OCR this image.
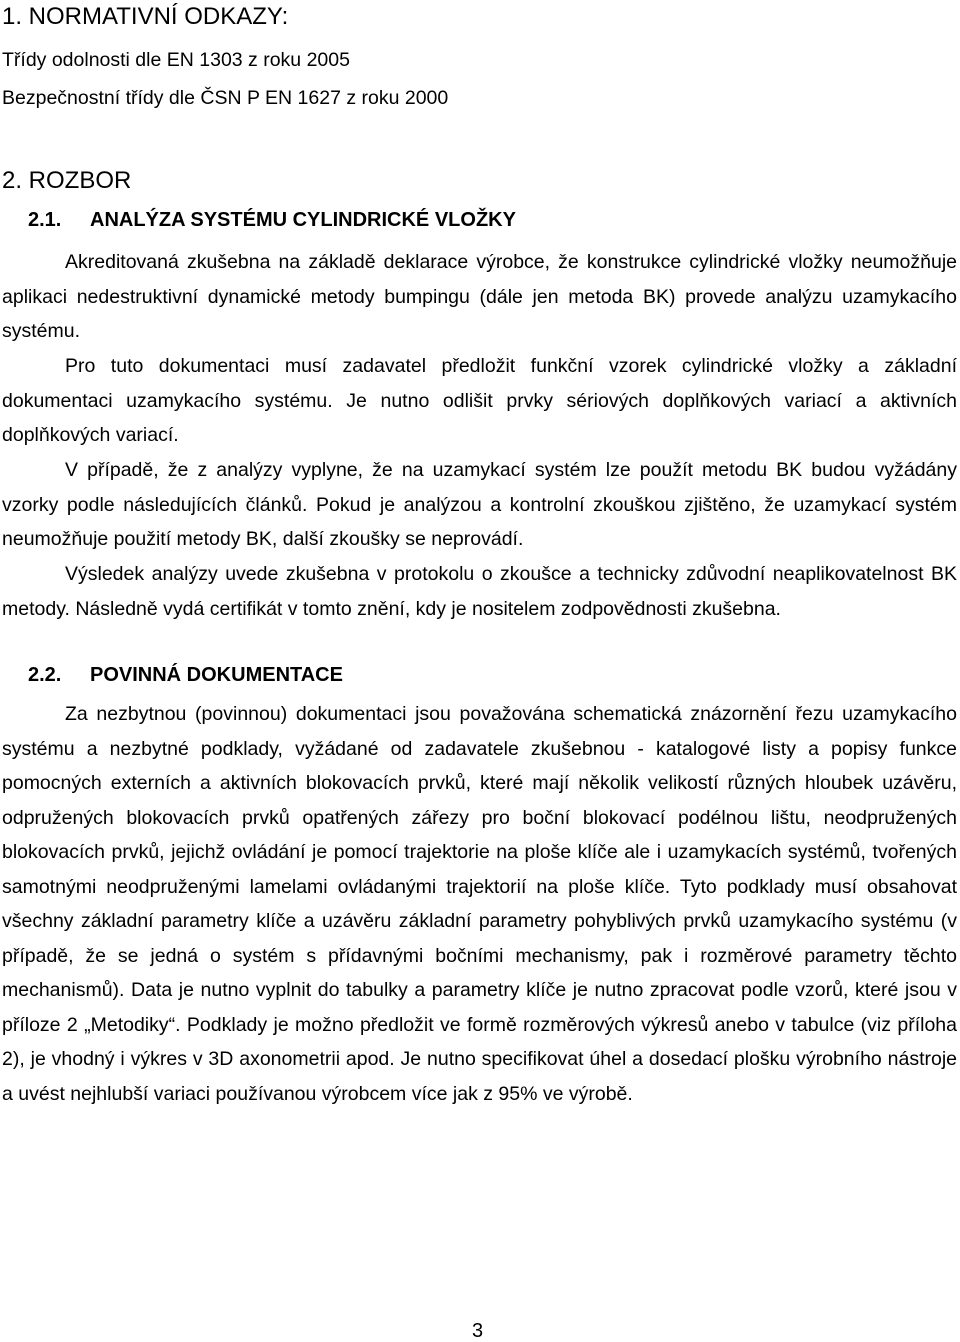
1. NORMATIVNÍ ODKAZY:
Třídy odolnosti dle EN 1303 z roku 2005
Bezpečnostní třídy dle ČSN P EN 1627 z roku 2000
2. ROZBOR
2.1. ANALÝZA SYSTÉMU CYLINDRICKÉ VLOŽKY

Akreditovaná zkušebna na základě deklarace výrobce, že konstrukce cylindrické vložky neumožňuje aplikaci nedestruktivní dynamické metody bumpingu (dále jen metoda BK) provede analýzu uzamykacího systému.

Pro tuto dokumentaci musí zadavatel předložit funkční vzorek cylindrické vložky a základní dokumentaci uzamykacího systému. Je nutno odlišit prvky sériových doplňkových variací a aktivních doplňkových variací.

V případě, že z analýzy vyplyne, že na uzamykací systém lze použít metodu BK budou vyžádány vzorky podle následujících článků. Pokud je analýzou a kontrolní zkouškou zjištěno, že uzamykací systém neumožňuje použití metody BK, další zkoušky se neprovádí.

Výsledek analýzy uvede zkušebna v protokolu o zkoušce a technicky zdůvodní neaplikovatelnost BK metody. Následně vydá certifikát v tomto znění, kdy je nositelem zodpovědnosti zkušebna.

2.2. POVINNÁ DOKUMENTACE

Za nezbytnou (povinnou) dokumentaci jsou považována schematická znázornění řezu uzamykacího systému a nezbytné podklady, vyžádané od zadavatele zkušebnou - katalogové listy a popisy funkce pomocných externích a aktivních blokovacích prvků, které mají několik velikostí různých hloubek uzávěru, odpružených blokovacích prvků opatřených zářezy pro boční blokovací podélnou lištu, neodpružených blokovacích prvků, jejichž ovládání je pomocí trajektorie na ploše klíče ale i uzamykacích systémů, tvořených samotnými neodpruženými lamelami ovládanými trajektorií na ploše klíče. Tyto podklady musí obsahovat všechny základní parametry klíče a uzávěru základní parametry pohyblivých prvků uzamykacího systému (v případě, že se jedná o systém s přídavnými bočními mechanismy, pak i rozměrové parametry těchto mechanismů). Data je nutno vyplnit do tabulky a parametry klíče je nutno zpracovat podle vzorů, které jsou v příloze 2 „Metodiky“. Podklady je možno předložit ve formě rozměrových výkresů anebo v tabulce (viz příloha 2), je vhodný i výkres v 3D axonometrii apod. Je nutno specifikovat úhel a dosedací plošku výrobního nástroje a uvést nejhlubší variaci používanou výrobcem více jak z 95% ve výrobě.

3
